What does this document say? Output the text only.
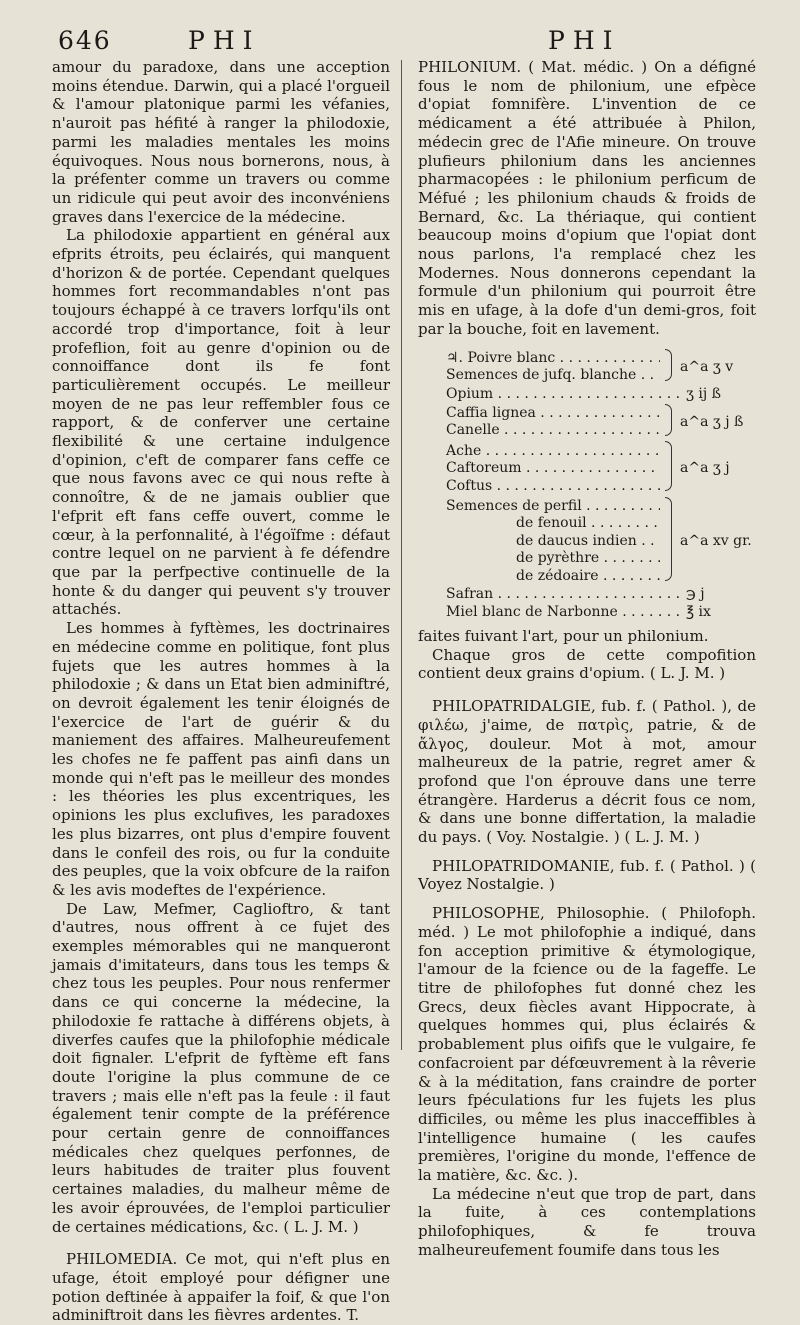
646	PHI	PHI

amour du paradoxe, dans une acception moins étendue. Darwin, qui a placé l'orgueil & l'amour platonique parmi les véfanies, n'auroit pas héfité à ranger la philodoxie, parmi les maladies mentales les moins équivoques. Nous nous bornerons, nous, à la préfenter comme un travers ou comme un ridicule qui peut avoir des inconvéniens graves dans l'exercice de la médecine.

La philodoxie appartient en général aux efprits étroits, peu éclairés, qui manquent d'horizon & de portée. Cependant quelques hommes fort recommandables n'ont pas toujours échappé à ce travers lorfqu'ils ont accordé trop d'importance, foit à leur profeflion, foit au genre d'opinion ou de connoiffance dont ils fe font particulièrement occupés. Le meilleur moyen de ne pas leur reffembler fous ce rapport, & de conferver une certaine flexibilité & une certaine indulgence d'opinion, c'eft de comparer fans ceffe ce que nous favons avec ce qui nous refte à connoître, & de ne jamais oublier que l'efprit eft fans ceffe ouvert, comme le cœur, à la perfonnalité, à l'égoïfme : défaut contre lequel on ne parvient à fe défendre que par la perfpective continuelle de la honte & du danger qui peuvent s'y trouver attachés.

Les hommes à fyftèmes, les doctrinaires en médecine comme en politique, font plus fujets que les autres hommes à la philodoxie ; & dans un Etat bien adminiftré, on devroit également les tenir éloignés de l'exercice de l'art de guérir & du maniement des affaires. Malheureufement les chofes ne fe paffent pas ainfi dans un monde qui n'eft pas le meilleur des mondes : les théories les plus excentriques, les opinions les plus exclufives, les paradoxes les plus bizarres, ont plus d'empire fouvent dans le confeil des rois, ou fur la conduite des peuples, que la voix obfcure de la raifon & les avis modeftes de l'expérience.

De Law, Mefmer, Caglioftro, & tant d'autres, nous offrent à ce fujet des exemples mémorables qui ne manqueront jamais d'imitateurs, dans tous les temps & chez tous les peuples. Pour nous renfermer dans ce qui concerne la médecine, la philodoxie fe rattache à différens objets, à diverfes caufes que la philofophie médicale doit fignaler. L'efprit de fyftème eft fans doute l'origine la plus commune de ce travers ; mais elle n'eft pas la feule : il faut également tenir compte de la préférence pour certain genre de connoiffances médicales chez quelques perfonnes, de leurs habitudes de traiter plus fouvent certaines maladies, du malheur même de les avoir éprouvées, de l'emploi particulier de certaines médications, &c. ( L. J. M. )

PHILOMEDIA. Ce mot, qui n'eft plus en ufage, étoit employé pour défigner une potion deftinée à appaifer la foif, & que l'on adminiftroit dans les fièvres ardentes. T.

PHILONIUM. ( Mat. médic. ) On a défigné fous le nom de philonium, une efpèce d'opiat fomnifère. L'invention de ce médicament a été attribuée à Philon, médecin grec de l'Afie mineure. On trouve plufieurs philonium dans les anciennes pharmacopées : le philonium perficum de Méfué ; les philonium chauds & froids de Bernard, &c. La thériaque, qui contient beaucoup moins d'opium que l'opiat dont nous parlons, l'a remplacé chez les Modernes. Nous donnerons cependant la formule d'un philonium qui pourroit être mis en ufage, à la dofe d'un demi-gros, foit par la bouche, foit en lavement.

♃. Poivre blanc . . .
Semences de jufq. blanche . . .
a^a ʒ v
Opium . . .	ʒ ij ß
Caffia lignea . . .
Canelle . . .
a^a ʒ j ß
Ache . . .
Caftoreum . . .
Coftus . . .
a^a ʒ j
Semences de perfil . . .
de fenouil . . .
de daucus indien . . .
de pyrèthre . . .
de zédoaire . . .
a^a xv gr.
Safran . . .	℈ j
Miel blanc de Narbonne . . .	℥ ix

faites fuivant l'art, pour un philonium.

Chaque gros de cette compofition contient deux grains d'opium. ( L. J. M. )

PHILOPATRIDALGIE, fub. f. ( Pathol. ), de φιλέω, j'aime, de πατρὶς, patrie, & de ἄλγος, douleur. Mot à mot, amour malheureux de la patrie, regret amer & profond que l'on éprouve dans une terre étrangère. Harderus a décrit fous ce nom, & dans une bonne differtation, la maladie du pays. ( Voy. Nostalgie. ) ( L. J. M. )

PHILOPATRIDOMANIE, fub. f. ( Pathol. ) ( Voyez Nostalgie. )

PHILOSOPHE, Philosophie. ( Philofoph. méd. ) Le mot philofophie a indiqué, dans fon acception primitive & étymologique, l'amour de la fcience ou de la fageffe. Le titre de philofophes fut donné chez les Grecs, deux fiècles avant Hippocrate, à quelques hommes qui, plus éclairés & probablement plus oififs que le vulgaire, fe confacroient par défœuvrement à la rêverie & à la méditation, fans craindre de porter leurs fpéculations fur les fujets les plus difficiles, ou même les plus inacceffibles à l'intelligence humaine ( les caufes premières, l'origine du monde, l'effence de la matière, &c. &c. ).

La médecine n'eut que trop de part, dans la fuite, à ces contemplations philofophiques, & fe trouva malheureufement foumife dans tous les
